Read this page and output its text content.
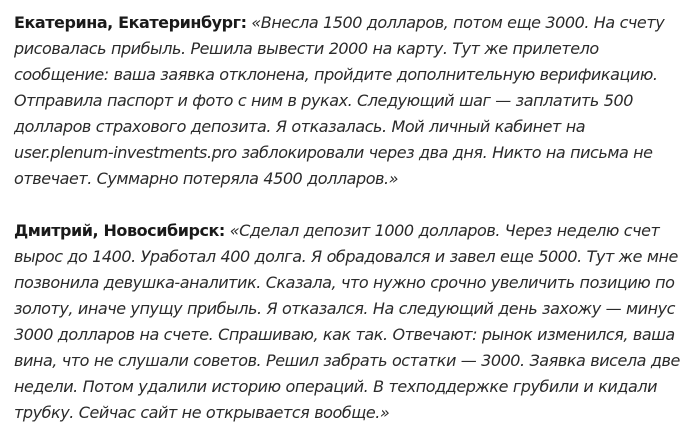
Екатерина, Екатеринбург: «Внесла 1500 долларов, потом еще 3000. На счету рисовалась прибыль. Решила вывести 2000 на карту. Тут же прилетело сообщение: ваша заявка отклонена, пройдите дополнительную верификацию. Отправила паспорт и фото с ним в руках. Следующий шаг — заплатить 500 долларов страхового депозита. Я отказалась. Мой личный кабинет на user.plenum-investments.pro заблокировали через два дня. Никто на письма не отвечает. Суммарно потеряла 4500 долларов.»

Дмитрий, Новосибирск: «Сделал депозит 1000 долларов. Через неделю счет вырос до 1400. Уработал 400 долга. Я обрадовался и завел еще 5000. Тут же мне позвонила девушка-аналитик. Сказала, что нужно срочно увеличить позицию по золоту, иначе упущу прибыль. Я отказался. На следующий день захожу — минус 3000 долларов на счете. Спрашиваю, как так. Отвечают: рынок изменился, ваша вина, что не слушали советов. Решил забрать остатки — 3000. Заявка висела две недели. Потом удалили историю операций. В техподдержке грубили и кидали трубку. Сейчас сайт не открывается вообще.»
